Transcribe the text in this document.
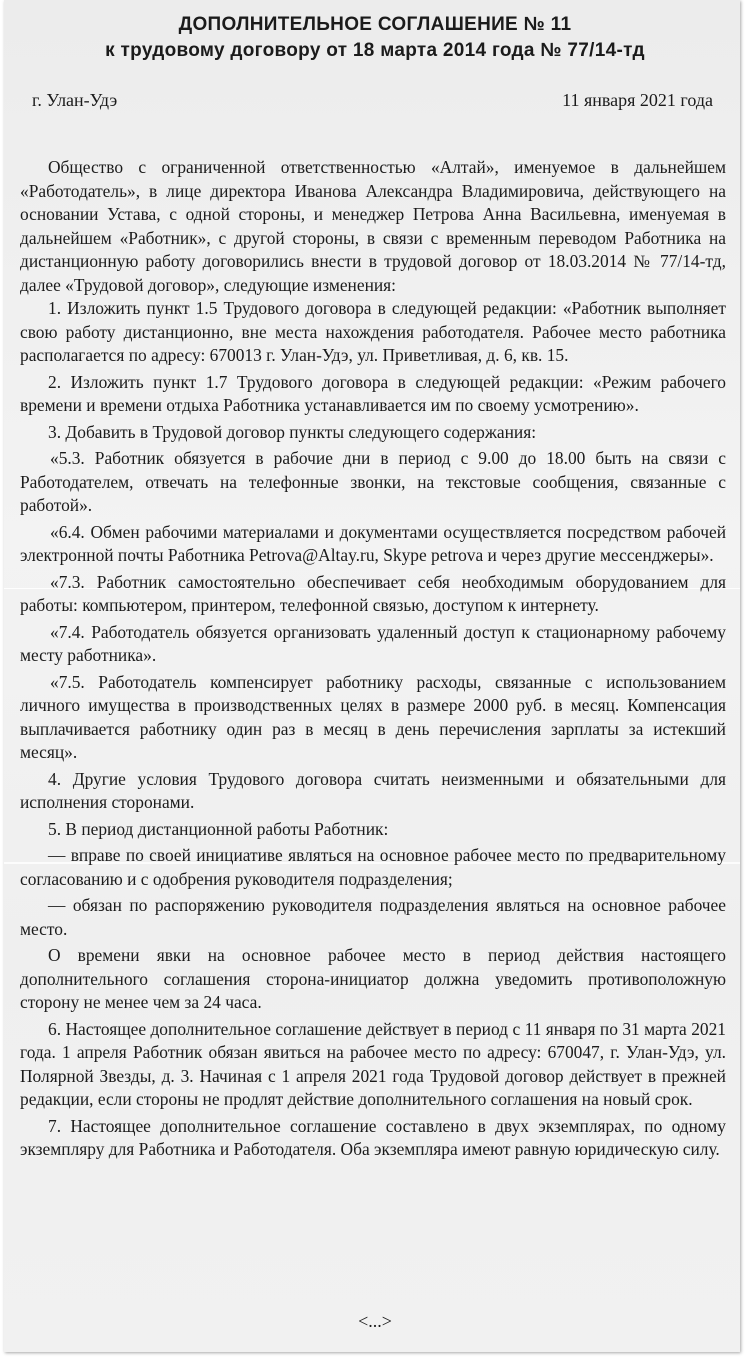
ДОПОЛНИТЕЛЬНОЕ СОГЛАШЕНИЕ № 11
к трудовому договору от 18 марта 2014 года № 77/14-тд
г. Улан-Удэ	11 января 2021 года

Общество с ограниченной ответственностью «Алтай», именуемое в дальнейшем «Работодатель», в лице директора Иванова Александра Владимировича, действующего на основании Устава, с одной стороны, и менеджер Петрова Анна Васильевна, именуемая в дальнейшем «Работник», с другой стороны, в связи с временным переводом Работника на дистанционную работу договорились внести в трудовой договор от 18.03.2014 № 77/14-тд, далее «Трудовой договор», следующие изменения:

1. Изложить пункт 1.5 Трудового договора в следующей редакции: «Работник выполняет свою работу дистанционно, вне места нахождения работодателя. Рабочее место работника располагается по адресу: 670013 г. Улан-Удэ, ул. Приветливая, д. 6, кв. 15.

2. Изложить пункт 1.7 Трудового договора в следующей редакции: «Режим рабочего времени и времени отдыха Работника устанавливается им по своему усмотрению».

3. Добавить в Трудовой договор пункты следующего содержания:

«5.3. Работник обязуется в рабочие дни в период с 9.00 до 18.00 быть на связи с Работодателем, отвечать на телефонные звонки, на текстовые сообщения, связанные с работой».

«6.4. Обмен рабочими материалами и документами осуществляется посредством рабочей электронной почты Работника Petrova@Altay.ru, Skype petrova и через другие мессенджеры».

«7.3. Работник самостоятельно обеспечивает себя необходимым оборудованием для работы: компьютером, принтером, телефонной связью, доступом к интернету.

«7.4. Работодатель обязуется организовать удаленный доступ к стационарному рабочему месту работника».

«7.5. Работодатель компенсирует работнику расходы, связанные с использованием личного имущества в производственных целях в размере 2000 руб. в месяц. Компенсация выплачивается работнику один раз в месяц в день перечисления зарплаты за истекший месяц».

4. Другие условия Трудового договора считать неизменными и обязательными для исполнения сторонами.

5. В период дистанционной работы Работник:

— вправе по своей инициативе являться на основное рабочее место по предварительному согласованию и с одобрения руководителя подразделения;

— обязан по распоряжению руководителя подразделения являться на основное рабочее место.

О времени явки на основное рабочее место в период действия настоящего дополнительного соглашения сторона-инициатор должна уведомить противоположную сторону не менее чем за 24 часа.

6. Настоящее дополнительное соглашение действует в период с 11 января по 31 марта 2021 года. 1 апреля Работник обязан явиться на рабочее место по адресу: 670047, г. Улан-Удэ, ул. Полярной Звезды, д. 3. Начиная с 1 апреля 2021 года Трудовой договор действует в прежней редакции, если стороны не продлят действие дополнительного соглашения на новый срок.

7. Настоящее дополнительное соглашение составлено в двух экземплярах, по одному экземпляру для Работника и Работодателя. Оба экземпляра имеют равную юридическую силу.

<...>
